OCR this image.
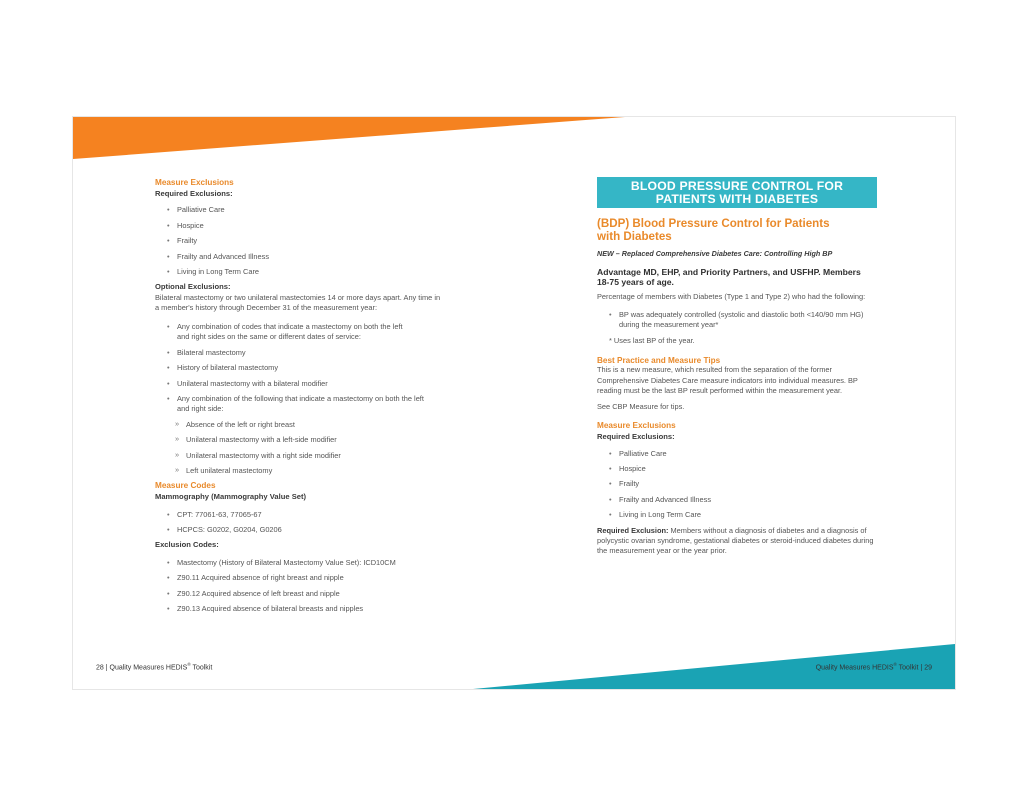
Measure Exclusions
Required Exclusions:
• Palliative Care
• Hospice
• Frailty
• Frailty and Advanced Illness
• Living in Long Term Care
Optional Exclusions:

Bilateral mastectomy or two unilateral mastectomies 14 or more days apart. Any time in a member's history through December 31 of the measurement year:

• Any combination of codes that indicate a mastectomy on both the left and right sides on the same or different dates of service:
• Bilateral mastectomy
• History of bilateral mastectomy
• Unilateral mastectomy with a bilateral modifier
• Any combination of the following that indicate a mastectomy on both the left and right side:
» Absence of the left or right breast
» Unilateral mastectomy with a left-side modifier
» Unilateral mastectomy with a right side modifier
» Left unilateral mastectomy
Measure Codes
Mammography (Mammography Value Set)
• CPT: 77061-63, 77065-67
• HCPCS: G0202, G0204, G0206
Exclusion Codes:
• Mastectomy (History of Bilateral Mastectomy Value Set): ICD10CM
• Z90.11 Acquired absence of right breast and nipple
• Z90.12 Acquired absence of left breast and nipple
• Z90.13 Acquired absence of bilateral breasts and nipples
BLOOD PRESSURE CONTROL FOR
PATIENTS WITH DIABETES
(BDP) Blood Pressure Control for Patients
with Diabetes
NEW – Replaced Comprehensive Diabetes Care: Controlling High BP
Advantage MD, EHP, and Priority Partners, and USFHP. Members 18-75 years of age.

Percentage of members with Diabetes (Type 1 and Type 2) who had the following:

• BP was adequately controlled (systolic and diastolic both <140/90 mm HG) during the measurement year*

* Uses last BP of the year.

Best Practice and Measure Tips

This is a new measure, which resulted from the separation of the former Comprehensive Diabetes Care measure indicators into individual measures. BP reading must be the last BP result performed within the measurement year.

See CBP Measure for tips.

Measure Exclusions
Required Exclusions:
• Palliative Care
• Hospice
• Frailty
• Frailty and Advanced Illness
• Living in Long Term Care

Required Exclusion: Members without a diagnosis of diabetes and a diagnosis of polycystic ovarian syndrome, gestational diabetes or steroid-induced diabetes during the measurement year or the year prior.

28 | Quality Measures HEDIS® Toolkit	Quality Measures HEDIS® Toolkit | 29
